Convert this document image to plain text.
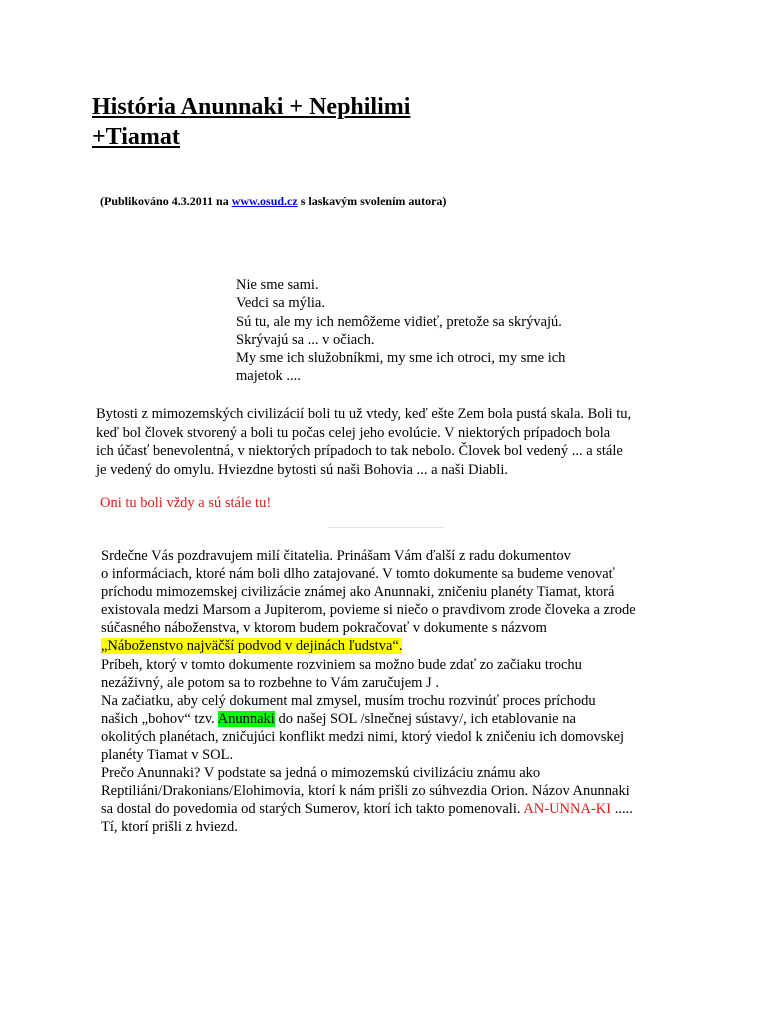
História Anunnaki + Nephilimi
+Tiamat
(Publikováno 4.3.2011 na www.osud.cz s laskavým svolením autora)
Nie sme sami.
Vedci sa mýlia.
Sú tu, ale my ich nemôžeme vidieť, pretože sa skrývajú.
Skrývajú sa ... v očiach.
My sme ich služobníkmi, my sme ich otroci, my sme ich
majetok ....
Bytosti z mimozemských civilizácií boli tu už vtedy, keď ešte Zem bola pustá skala. Boli tu,
keď bol človek stvorený a boli tu počas celej jeho evolúcie. V niektorých prípadoch bola
ich účasť benevolentná, v niektorých prípadoch to tak nebolo. Človek bol vedený ... a stále
je vedený do omylu. Hviezdne bytosti sú naši Bohovia ... a naši Diabli.
Oni tu boli vždy a sú stále tu!
Srdečne Vás pozdravujem milí čitatelia. Prinášam Vám ďalší z radu dokumentov
o informáciach, ktoré nám boli dlho zatajované. V tomto dokumente sa budeme venovať
príchodu mimozemskej civilizácie známej ako Anunnaki, zničeniu planéty Tiamat, ktorá
existovala medzi Marsom a Jupiterom, povieme si niečo o pravdivom zrode človeka a zrode
súčasného náboženstva, v ktorom budem pokračovať v dokumente s názvom
„Náboženstvo najväčší podvod v dejinách ľudstva“.
Príbeh, ktorý v tomto dokumente rozviniem sa možno bude zdať zo začiaku trochu
nezáživný, ale potom sa to rozbehne to Vám zaručujem J .
Na začiatku, aby celý dokument mal zmysel, musím trochu rozvinúť proces príchodu
našich „bohov“ tzv. Anunnaki do našej SOL /slnečnej sústavy/, ich etablovanie na
okolitých planétach, zničujúci konflikt medzi nimi, ktorý viedol k zničeniu ich domovskej
planéty Tiamat v SOL.
Prečo Anunnaki? V podstate sa jedná o mimozemskú civilizáciu známu ako
Reptiliáni/Drakonians/Elohimovia, ktorí k nám prišli zo súhvezdia Orion. Názov Anunnaki
sa dostal do povedomia od starých Sumerov, ktorí ich takto pomenovali. AN-UNNA-KI .....
Tí, ktorí prišli z hviezd.
